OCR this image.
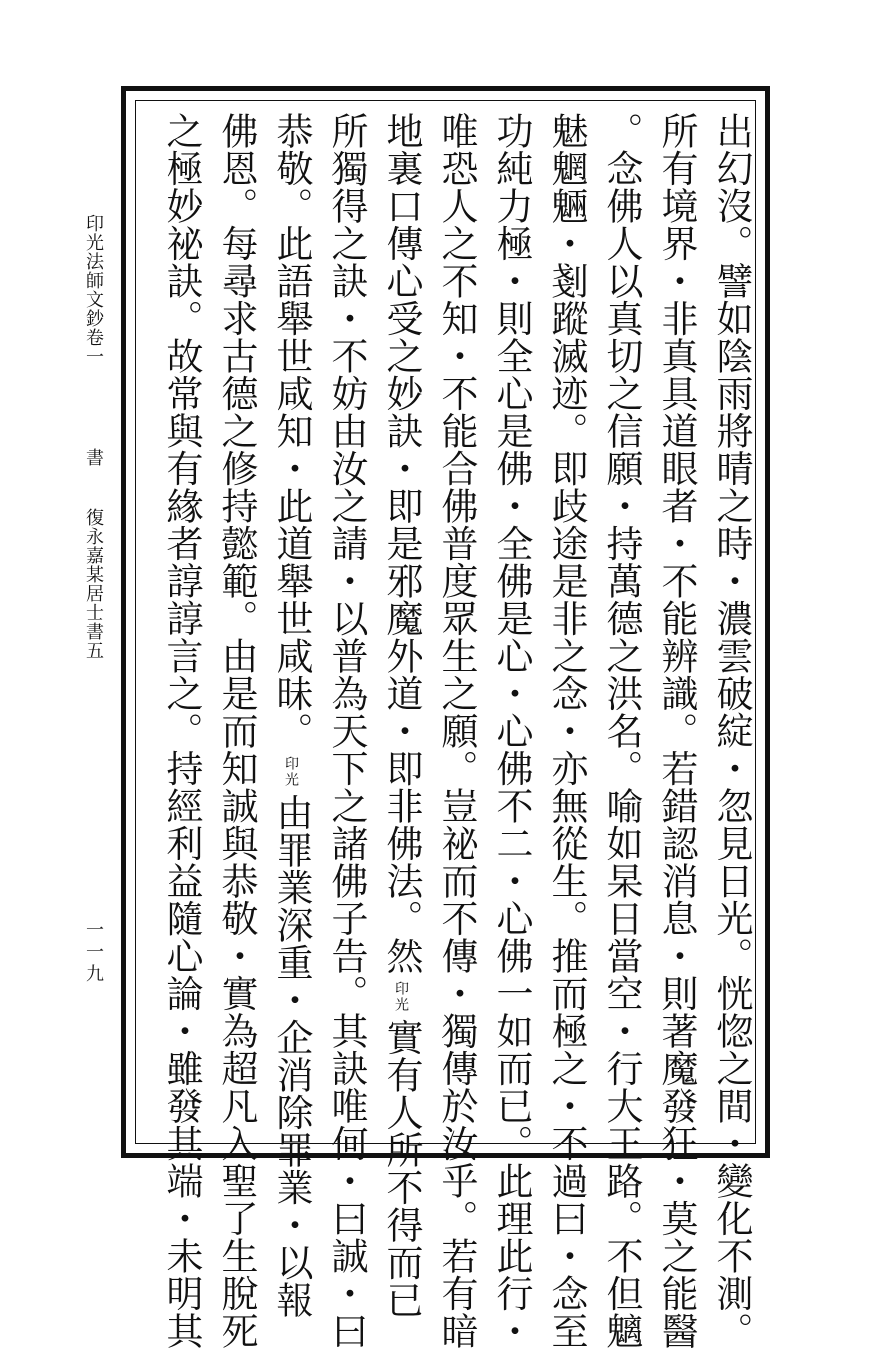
印光法師文鈔卷一
書
復永嘉某居士書五
一一九	出幻沒。譬如陰雨將晴之時・濃雲破綻・忽見日光。恍惚之間・變化不測。
所有境界・非真具道眼者・不能辨識。若錯認消息・則著魔發狂・莫之能醫
。念佛人以真切之信願・持萬德之洪名。喻如杲日當空・行大王路。不但魑
魅魍魎・剗蹤滅迹。即歧途是非之念・亦無從生。推而極之・不過曰・念至
功純力極・則全心是佛・全佛是心・心佛不二・心佛一如而已。此理此行・
唯恐人之不知・不能合佛普度眾生之願。豈祕而不傳・獨傳於汝乎。若有暗
地裏口傳心受之妙訣・即是邪魔外道・即非佛法。然印光實有人所不得而已
所獨得之訣・不妨由汝之請・以普為天下之諸佛子告。其訣唯何・曰誠・曰
恭敬。此語舉世咸知・此道舉世咸昧。印光由罪業深重・企消除罪業・以報
佛恩。每尋求古德之修持懿範。由是而知誠與恭敬・實為超凡入聖了生脫死
之極妙祕訣。故常與有緣者諄諄言之。持經利益隨心論・雖發其端・未明其
